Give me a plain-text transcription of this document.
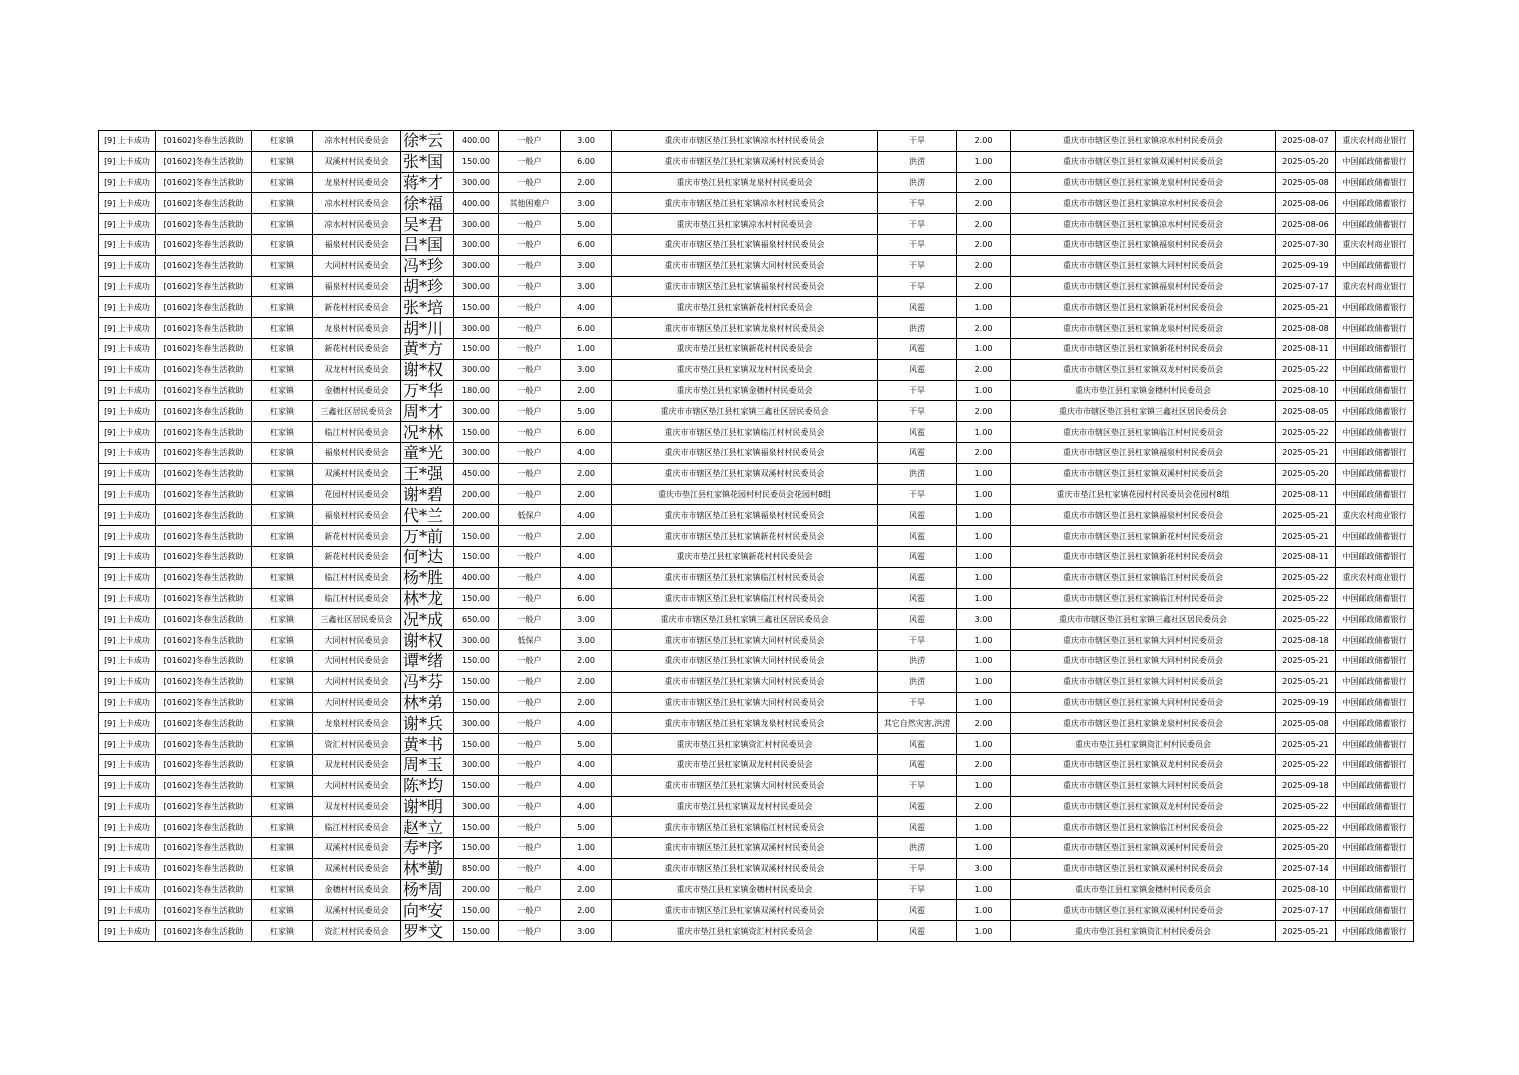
[9] 上卡成功	[01602]冬春生活救助	杠家镇	凉水村村民委员会	徐*云	400.00	一般户	3.00	重庆市市辖区垫江县杠家镇凉水村村民委员会	干旱	2.00	重庆市市辖区垫江县杠家镇凉水村村民委员会	2025-08-07	重庆农村商业银行
[9] 上卡成功	[01602]冬春生活救助	杠家镇	双溪村村民委员会	张*国	150.00	一般户	6.00	重庆市市辖区垫江县杠家镇双溪村村民委员会	洪涝	1.00	重庆市市辖区垫江县杠家镇双溪村村民委员会	2025-05-20	中国邮政储蓄银行
[9] 上卡成功	[01602]冬春生活救助	杠家镇	龙泉村村民委员会	蒋*才	300.00	一般户	2.00	重庆市垫江县杠家镇龙泉村村民委员会	洪涝	2.00	重庆市市辖区垫江县杠家镇龙泉村村民委员会	2025-05-08	中国邮政储蓄银行
[9] 上卡成功	[01602]冬春生活救助	杠家镇	凉水村村民委员会	徐*福	400.00	其他困难户	3.00	重庆市市辖区垫江县杠家镇凉水村村民委员会	干旱	2.00	重庆市市辖区垫江县杠家镇凉水村村民委员会	2025-08-06	中国邮政储蓄银行
[9] 上卡成功	[01602]冬春生活救助	杠家镇	凉水村村民委员会	吴*君	300.00	一般户	5.00	重庆市垫江县杠家镇凉水村村民委员会	干旱	2.00	重庆市市辖区垫江县杠家镇凉水村村民委员会	2025-08-06	中国邮政储蓄银行
[9] 上卡成功	[01602]冬春生活救助	杠家镇	福泉村村民委员会	吕*国	300.00	一般户	6.00	重庆市市辖区垫江县杠家镇福泉村村民委员会	干旱	2.00	重庆市市辖区垫江县杠家镇福泉村村民委员会	2025-07-30	重庆农村商业银行
[9] 上卡成功	[01602]冬春生活救助	杠家镇	大同村村民委员会	冯*珍	300.00	一般户	3.00	重庆市市辖区垫江县杠家镇大同村村民委员会	干旱	2.00	重庆市市辖区垫江县杠家镇大同村村民委员会	2025-09-19	中国邮政储蓄银行
[9] 上卡成功	[01602]冬春生活救助	杠家镇	福泉村村民委员会	胡*珍	300.00	一般户	3.00	重庆市市辖区垫江县杠家镇福泉村村民委员会	干旱	2.00	重庆市市辖区垫江县杠家镇福泉村村民委员会	2025-07-17	重庆农村商业银行
[9] 上卡成功	[01602]冬春生活救助	杠家镇	新花村村民委员会	张*培	150.00	一般户	4.00	重庆市垫江县杠家镇新花村村民委员会	风雹	1.00	重庆市市辖区垫江县杠家镇新花村村民委员会	2025-05-21	中国邮政储蓄银行
[9] 上卡成功	[01602]冬春生活救助	杠家镇	龙泉村村民委员会	胡*川	300.00	一般户	6.00	重庆市市辖区垫江县杠家镇龙泉村村民委员会	洪涝	2.00	重庆市市辖区垫江县杠家镇龙泉村村民委员会	2025-08-08	中国邮政储蓄银行
[9] 上卡成功	[01602]冬春生活救助	杠家镇	新花村村民委员会	黄*方	150.00	一般户	1.00	重庆市垫江县杠家镇新花村村民委员会	风雹	1.00	重庆市市辖区垫江县杠家镇新花村村民委员会	2025-08-11	中国邮政储蓄银行
[9] 上卡成功	[01602]冬春生活救助	杠家镇	双龙村村民委员会	谢*权	300.00	一般户	3.00	重庆市垫江县杠家镇双龙村村民委员会	风雹	2.00	重庆市市辖区垫江县杠家镇双龙村村民委员会	2025-05-22	中国邮政储蓄银行
[9] 上卡成功	[01602]冬春生活救助	杠家镇	金穗村村民委员会	万*华	180.00	一般户	2.00	重庆市垫江县杠家镇金穗村村民委员会	干旱	1.00	重庆市垫江县杠家镇金穗村村民委员会	2025-08-10	中国邮政储蓄银行
[9] 上卡成功	[01602]冬春生活救助	杠家镇	三鑫社区居民委员会	周*才	300.00	一般户	5.00	重庆市市辖区垫江县杠家镇三鑫社区居民委员会	干旱	2.00	重庆市市辖区垫江县杠家镇三鑫社区居民委员会	2025-08-05	中国邮政储蓄银行
[9] 上卡成功	[01602]冬春生活救助	杠家镇	临江村村民委员会	况*林	150.00	一般户	6.00	重庆市市辖区垫江县杠家镇临江村村民委员会	风雹	1.00	重庆市市辖区垫江县杠家镇临江村村民委员会	2025-05-22	中国邮政储蓄银行
[9] 上卡成功	[01602]冬春生活救助	杠家镇	福泉村村民委员会	童*光	300.00	一般户	4.00	重庆市市辖区垫江县杠家镇福泉村村民委员会	风雹	2.00	重庆市市辖区垫江县杠家镇福泉村村民委员会	2025-05-21	中国邮政储蓄银行
[9] 上卡成功	[01602]冬春生活救助	杠家镇	双溪村村民委员会	王*强	450.00	一般户	2.00	重庆市市辖区垫江县杠家镇双溪村村民委员会	洪涝	1.00	重庆市市辖区垫江县杠家镇双溪村村民委员会	2025-05-20	中国邮政储蓄银行
[9] 上卡成功	[01602]冬春生活救助	杠家镇	花园村村民委员会	谢*碧	200.00	一般户	2.00	重庆市垫江县杠家镇花园村村民委员会花园村8组	干旱	1.00	重庆市垫江县杠家镇花园村村民委员会花园村8组	2025-08-11	中国邮政储蓄银行
[9] 上卡成功	[01602]冬春生活救助	杠家镇	福泉村村民委员会	代*兰	200.00	低保户	4.00	重庆市市辖区垫江县杠家镇福泉村村民委员会	风雹	1.00	重庆市市辖区垫江县杠家镇福泉村村民委员会	2025-05-21	重庆农村商业银行
[9] 上卡成功	[01602]冬春生活救助	杠家镇	新花村村民委员会	万*前	150.00	一般户	2.00	重庆市市辖区垫江县杠家镇新花村村民委员会	风雹	1.00	重庆市市辖区垫江县杠家镇新花村村民委员会	2025-05-21	中国邮政储蓄银行
[9] 上卡成功	[01602]冬春生活救助	杠家镇	新花村村民委员会	何*达	150.00	一般户	4.00	重庆市垫江县杠家镇新花村村民委员会	风雹	1.00	重庆市市辖区垫江县杠家镇新花村村民委员会	2025-08-11	中国邮政储蓄银行
[9] 上卡成功	[01602]冬春生活救助	杠家镇	临江村村民委员会	杨*胜	400.00	一般户	4.00	重庆市市辖区垫江县杠家镇临江村村民委员会	风雹	1.00	重庆市市辖区垫江县杠家镇临江村村民委员会	2025-05-22	重庆农村商业银行
[9] 上卡成功	[01602]冬春生活救助	杠家镇	临江村村民委员会	林*龙	150.00	一般户	6.00	重庆市市辖区垫江县杠家镇临江村村民委员会	风雹	1.00	重庆市市辖区垫江县杠家镇临江村村民委员会	2025-05-22	中国邮政储蓄银行
[9] 上卡成功	[01602]冬春生活救助	杠家镇	三鑫社区居民委员会	况*成	650.00	一般户	3.00	重庆市市辖区垫江县杠家镇三鑫社区居民委员会	风雹	3.00	重庆市市辖区垫江县杠家镇三鑫社区居民委员会	2025-05-22	中国邮政储蓄银行
[9] 上卡成功	[01602]冬春生活救助	杠家镇	大同村村民委员会	谢*权	300.00	低保户	3.00	重庆市市辖区垫江县杠家镇大同村村民委员会	干旱	1.00	重庆市市辖区垫江县杠家镇大同村村民委员会	2025-08-18	中国邮政储蓄银行
[9] 上卡成功	[01602]冬春生活救助	杠家镇	大同村村民委员会	谭*绪	150.00	一般户	2.00	重庆市市辖区垫江县杠家镇大同村村民委员会	洪涝	1.00	重庆市市辖区垫江县杠家镇大同村村民委员会	2025-05-21	中国邮政储蓄银行
[9] 上卡成功	[01602]冬春生活救助	杠家镇	大同村村民委员会	冯*芬	150.00	一般户	2.00	重庆市市辖区垫江县杠家镇大同村村民委员会	洪涝	1.00	重庆市市辖区垫江县杠家镇大同村村民委员会	2025-05-21	中国邮政储蓄银行
[9] 上卡成功	[01602]冬春生活救助	杠家镇	大同村村民委员会	林*弟	150.00	一般户	2.00	重庆市市辖区垫江县杠家镇大同村村民委员会	干旱	1.00	重庆市市辖区垫江县杠家镇大同村村民委员会	2025-09-19	中国邮政储蓄银行
[9] 上卡成功	[01602]冬春生活救助	杠家镇	龙泉村村民委员会	谢*兵	300.00	一般户	4.00	重庆市市辖区垫江县杠家镇龙泉村村民委员会	其它自然灾害,洪涝	2.00	重庆市市辖区垫江县杠家镇龙泉村村民委员会	2025-05-08	中国邮政储蓄银行
[9] 上卡成功	[01602]冬春生活救助	杠家镇	资汇村村民委员会	黄*书	150.00	一般户	5.00	重庆市垫江县杠家镇资汇村村民委员会	风雹	1.00	重庆市垫江县杠家镇资汇村村民委员会	2025-05-21	中国邮政储蓄银行
[9] 上卡成功	[01602]冬春生活救助	杠家镇	双龙村村民委员会	周*玉	300.00	一般户	4.00	重庆市垫江县杠家镇双龙村村民委员会	风雹	2.00	重庆市市辖区垫江县杠家镇双龙村村民委员会	2025-05-22	中国邮政储蓄银行
[9] 上卡成功	[01602]冬春生活救助	杠家镇	大同村村民委员会	陈*均	150.00	一般户	4.00	重庆市市辖区垫江县杠家镇大同村村民委员会	干旱	1.00	重庆市市辖区垫江县杠家镇大同村村民委员会	2025-09-18	中国邮政储蓄银行
[9] 上卡成功	[01602]冬春生活救助	杠家镇	双龙村村民委员会	谢*明	300.00	一般户	4.00	重庆市垫江县杠家镇双龙村村民委员会	风雹	2.00	重庆市市辖区垫江县杠家镇双龙村村民委员会	2025-05-22	中国邮政储蓄银行
[9] 上卡成功	[01602]冬春生活救助	杠家镇	临江村村民委员会	赵*立	150.00	一般户	5.00	重庆市市辖区垫江县杠家镇临江村村民委员会	风雹	1.00	重庆市市辖区垫江县杠家镇临江村村民委员会	2025-05-22	中国邮政储蓄银行
[9] 上卡成功	[01602]冬春生活救助	杠家镇	双溪村村民委员会	寿*序	150.00	一般户	1.00	重庆市市辖区垫江县杠家镇双溪村村民委员会	洪涝	1.00	重庆市市辖区垫江县杠家镇双溪村村民委员会	2025-05-20	中国邮政储蓄银行
[9] 上卡成功	[01602]冬春生活救助	杠家镇	双溪村村民委员会	林*勤	850.00	一般户	4.00	重庆市市辖区垫江县杠家镇双溪村村民委员会	干旱	3.00	重庆市市辖区垫江县杠家镇双溪村村民委员会	2025-07-14	中国邮政储蓄银行
[9] 上卡成功	[01602]冬春生活救助	杠家镇	金穗村村民委员会	杨*周	200.00	一般户	2.00	重庆市垫江县杠家镇金穗村村民委员会	干旱	1.00	重庆市垫江县杠家镇金穗村村民委员会	2025-08-10	中国邮政储蓄银行
[9] 上卡成功	[01602]冬春生活救助	杠家镇	双溪村村民委员会	向*安	150.00	一般户	2.00	重庆市市辖区垫江县杠家镇双溪村村民委员会	风雹	1.00	重庆市市辖区垫江县杠家镇双溪村村民委员会	2025-07-17	中国邮政储蓄银行
[9] 上卡成功	[01602]冬春生活救助	杠家镇	资汇村村民委员会	罗*文	150.00	一般户	3.00	重庆市垫江县杠家镇资汇村村民委员会	风雹	1.00	重庆市垫江县杠家镇资汇村村民委员会	2025-05-21	中国邮政储蓄银行
